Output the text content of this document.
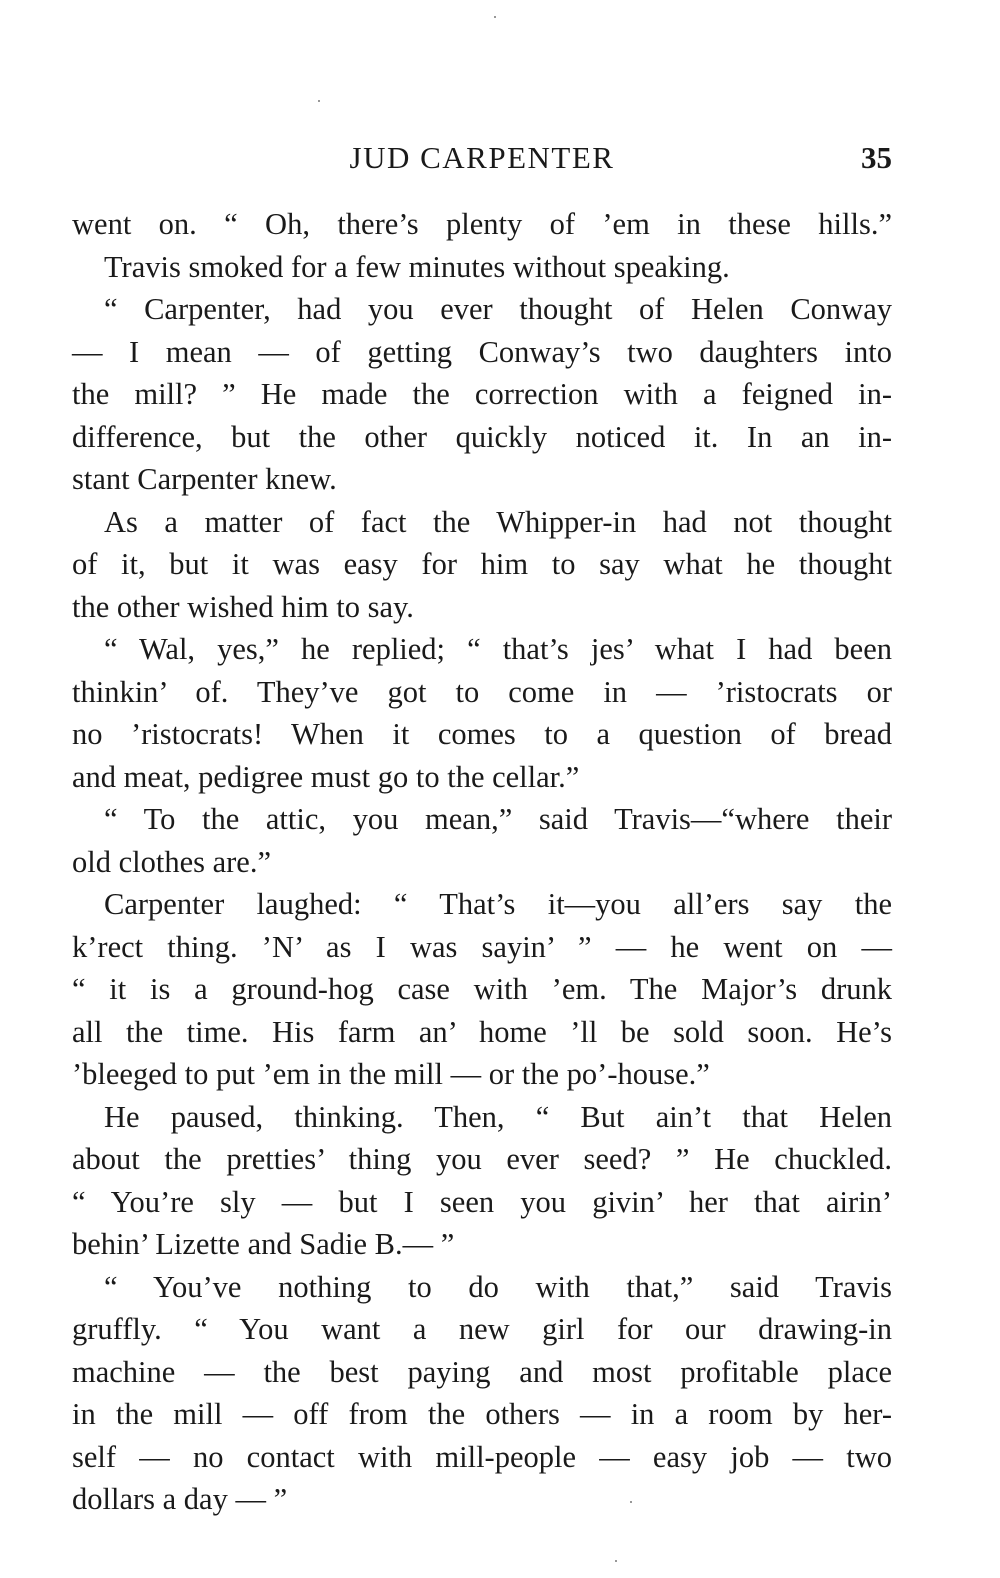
JUD CARPENTER	35
went on. “ Oh, there’s plenty of ’em in these hills.”
Travis smoked for a few minutes without speaking.
“ Carpenter, had you ever thought of Helen Conway
— I mean — of getting Conway’s two daughters into
the mill? ” He made the correction with a feigned in-
difference, but the other quickly noticed it. In an in-
stant Carpenter knew.
As a matter of fact the Whipper-in had not thought
of it, but it was easy for him to say what he thought
the other wished him to say.
“ Wal, yes,” he replied; “ that’s jes’ what I had been
thinkin’ of. They’ve got to come in — ’ristocrats or
no ’ristocrats! When it comes to a question of bread
and meat, pedigree must go to the cellar.”
“ To the attic, you mean,” said Travis—“where their
old clothes are.”
Carpenter laughed: “ That’s it—you all’ers say the
k’rect thing. ’N’ as I was sayin’ ” — he went on —
“ it is a ground-hog case with ’em. The Major’s drunk
all the time. His farm an’ home ’ll be sold soon. He’s
’bleeged to put ’em in the mill — or the po’-house.”
He paused, thinking. Then, “ But ain’t that Helen
about the pretties’ thing you ever seed? ” He chuckled.
“ You’re sly — but I seen you givin’ her that airin’
behin’ Lizette and Sadie B.— ”
“ You’ve nothing to do with that,” said Travis
gruffly. “ You want a new girl for our drawing-in
machine — the best paying and most profitable place
in the mill — off from the others — in a room by her-
self — no contact with mill-people — easy job — two
dollars a day — ”
